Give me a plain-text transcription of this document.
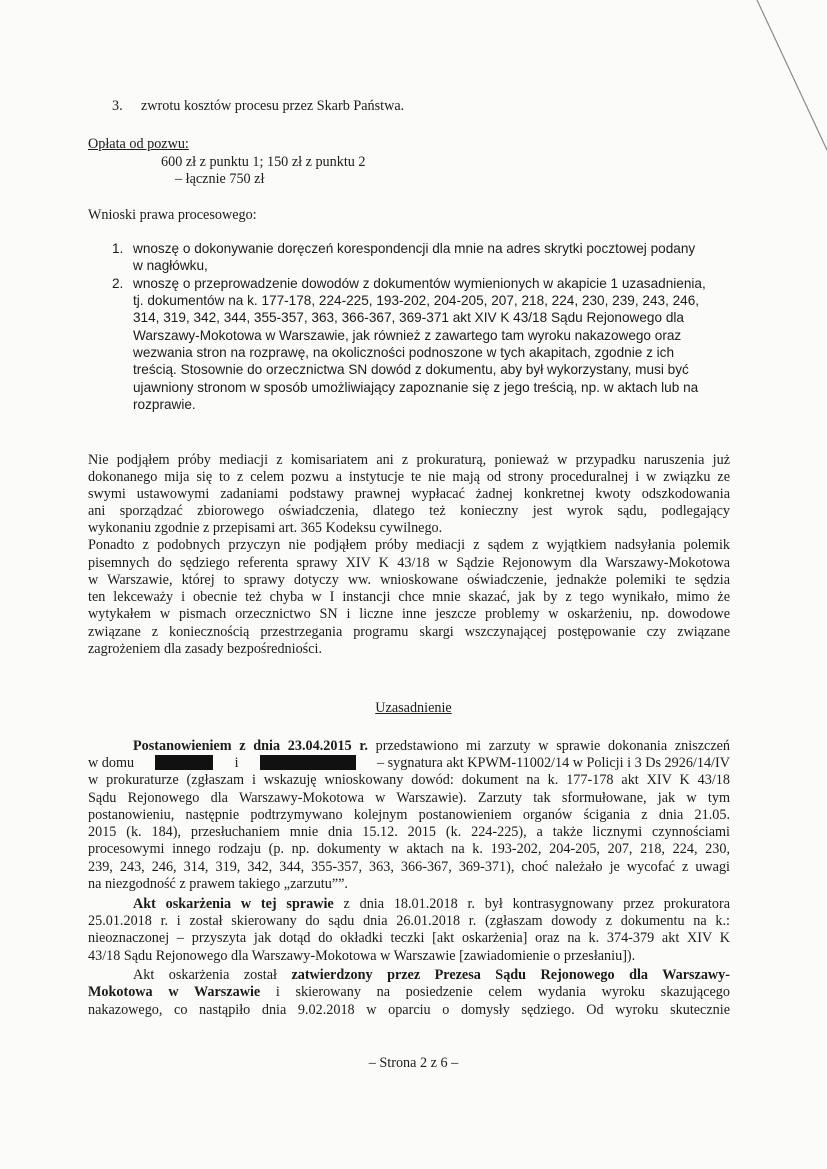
3. zwrotu kosztów procesu przez Skarb Państwa.
Opłata od pozwu:
600 zł z punktu 1; 150 zł z punktu 2
– łącznie 750 zł
Wnioski prawa procesowego:
1. wnoszę o dokonywanie doręczeń korespondencji dla mnie na adres skrytki pocztowej podany
w nagłówku,
2. wnoszę o przeprowadzenie dowodów z dokumentów wymienionych w akapicie 1 uzasadnienia,
tj. dokumentów na k. 177-178, 224-225, 193-202, 204-205, 207, 218, 224, 230, 239, 243, 246,
314, 319, 342, 344, 355-357, 363, 366-367, 369-371 akt XIV K 43/18 Sądu Rejonowego dla
Warszawy-Mokotowa w Warszawie, jak również z zawartego tam wyroku nakazowego oraz
wezwania stron na rozprawę, na okoliczności podnoszone w tych akapitach, zgodnie z ich
treścią. Stosownie do orzecznictwa SN dowód z dokumentu, aby był wykorzystany, musi być
ujawniony stronom w sposób umożliwiający zapoznanie się z jego treścią, np. w aktach lub na
rozprawie.
Nie podjąłem próby mediacji z komisariatem ani z prokuraturą, ponieważ w przypadku naruszenia już
dokonanego mija się to z celem pozwu a instytucje te nie mają od strony proceduralnej i w związku ze
swymi ustawowymi zadaniami podstawy prawnej wypłacać żadnej konkretnej kwoty odszkodowania
ani sporządzać zbiorowego oświadczenia, dlatego też konieczny jest wyrok sądu, podlegający
wykonaniu zgodnie z przepisami art. 365 Kodeksu cywilnego.
Ponadto z podobnych przyczyn nie podjąłem próby mediacji z sądem z wyjątkiem nadsyłania polemik
pisemnych do sędziego referenta sprawy XIV K 43/18 w Sądzie Rejonowym dla Warszawy-Mokotowa
w Warszawie, której to sprawy dotyczy ww. wnioskowane oświadczenie, jednakże polemiki te sędzia
ten lekceważy i obecnie też chyba w I instancji chce mnie skazać, jak by z tego wynikało, mimo że
wytykałem w pismach orzecznictwo SN i liczne inne jeszcze problemy w oskarżeniu, np. dowodowe
związane z koniecznością przestrzegania programu skargi wszczynającej postępowanie czy związane
zagrożeniem dla zasady bezpośredniości.
Uzasadnienie
Postanowieniem z dnia 23.04.2015 r. przedstawiono mi zarzuty w sprawie dokonania zniszczeń
w domu	i	– sygnatura akt KPWM-11002/14 w Policji i 3 Ds 2926/14/IV
w prokuraturze (zgłaszam i wskazuję wnioskowany dowód: dokument na k. 177-178 akt XIV K 43/18
Sądu Rejonowego dla Warszawy-Mokotowa w Warszawie). Zarzuty tak sformułowane, jak w tym
postanowieniu, następnie podtrzymywano kolejnym postanowieniem organów ścigania z dnia 21.05.
2015 (k. 184), przesłuchaniem mnie dnia 15.12. 2015 (k. 224-225), a także licznymi czynnościami
procesowymi innego rodzaju (p. np. dokumenty w aktach na k. 193-202, 204-205, 207, 218, 224, 230,
239, 243, 246, 314, 319, 342, 344, 355-357, 363, 366-367, 369-371), choć należało je wycofać z uwagi
na niezgodność z prawem takiego „zarzutu””.
Akt oskarżenia w tej sprawie z dnia 18.01.2018 r. był kontrasygnowany przez prokuratora
25.01.2018 r. i został skierowany do sądu dnia 26.01.2018 r. (zgłaszam dowody z dokumentu na k.:
nieoznaczonej – przyszyta jak dotąd do okładki teczki [akt oskarżenia] oraz na k. 374-379 akt XIV K
43/18 Sądu Rejonowego dla Warszawy-Mokotowa w Warszawie [zawiadomienie o przesłaniu]).
Akt oskarżenia został zatwierdzony przez Prezesa Sądu Rejonowego dla Warszawy-
Mokotowa w Warszawie i skierowany na posiedzenie celem wydania wyroku skazującego
nakazowego, co nastąpiło dnia 9.02.2018 w oparciu o domysły sędziego. Od wyroku skutecznie
– Strona 2 z 6 –
